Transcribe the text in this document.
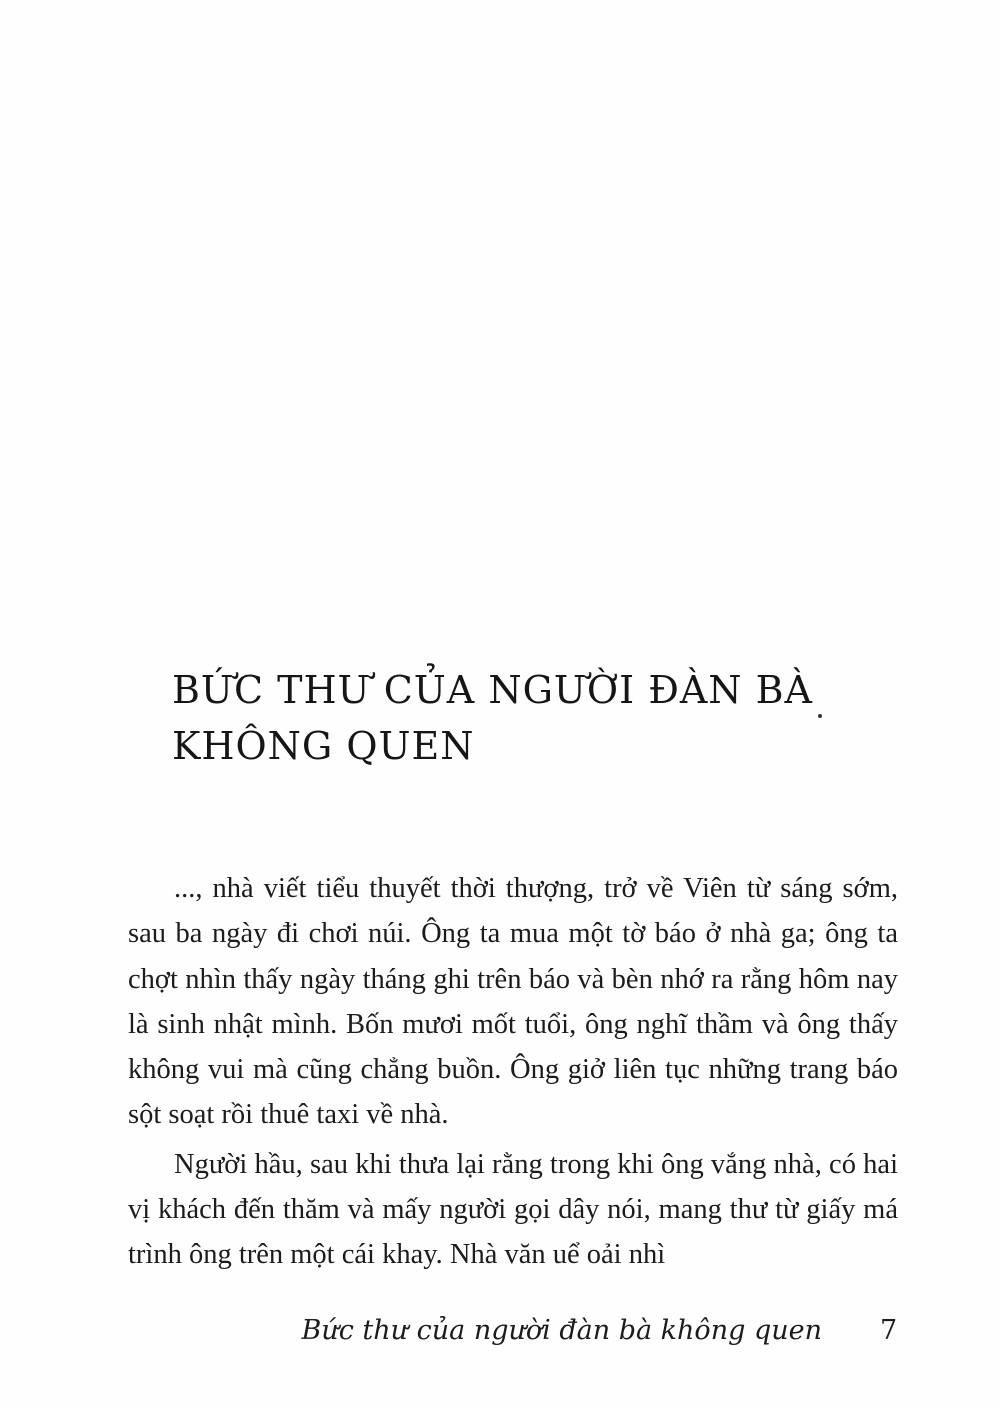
BỨC THƯ CỦA NGƯỜI ĐÀN BÀ KHÔNG QUEN

..., nhà viết tiểu thuyết thời thượng, trở về Viên từ sáng sớm, sau ba ngày đi chơi núi. Ông ta mua một tờ báo ở nhà ga; ông ta chợt nhìn thấy ngày tháng ghi trên báo và bèn nhớ ra rằng hôm nay là sinh nhật mình. Bốn mươi mốt tuổi, ông nghĩ thầm và ông thấy không vui mà cũng chẳng buồn. Ông giở liên tục những trang báo sột soạt rồi thuê taxi về nhà.

Người hầu, sau khi thưa lại rằng trong khi ông vắng nhà, có hai vị khách đến thăm và mấy người gọi dây nói, mang thư từ giấy má trình ông trên một cái khay. Nhà văn uể oải nhì

Bức thư của người đàn bà không quen 7
